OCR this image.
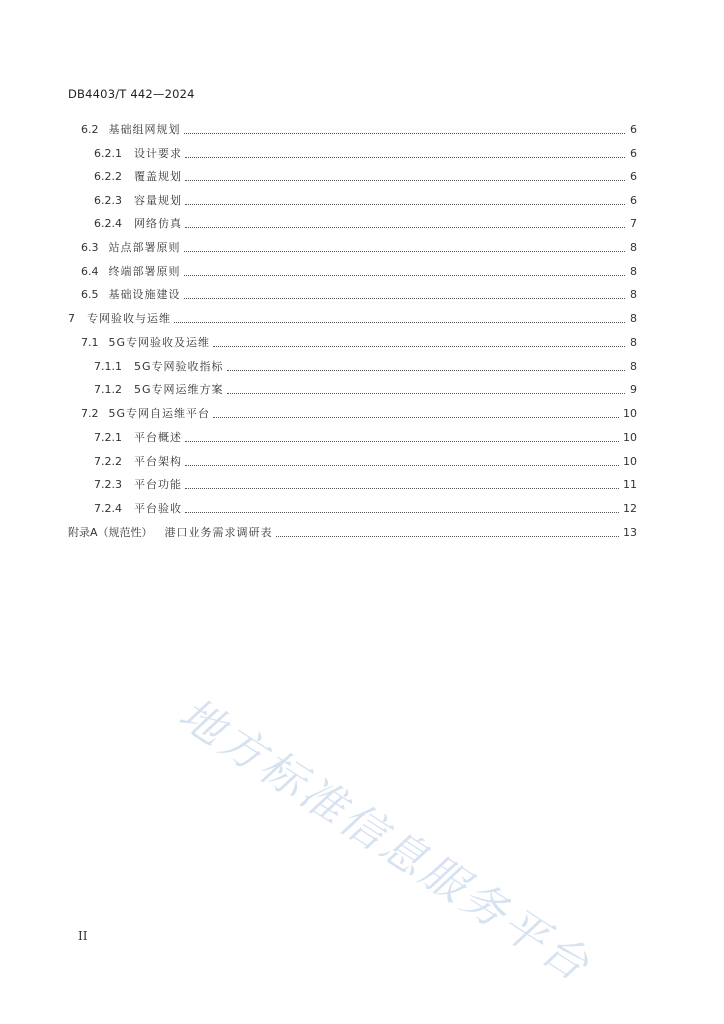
DB4403/T 442—2024
6.2 基础组网规划	6
6.2.1 设计要求	6
6.2.2 覆盖规划	6
6.2.3 容量规划	6
6.2.4 网络仿真	7
6.3 站点部署原则	8
6.4 终端部署原则	8
6.5 基础设施建设	8
7 专网验收与运维	8
7.1 5G专网验收及运维	8
7.1.1 5G专网验收指标	8
7.1.2 5G专网运维方案	9
7.2 5G专网自运维平台	10
7.2.1 平台概述	10
7.2.2 平台架构	10
7.2.3 平台功能	11
7.2.4 平台验收	12
附录A（规范性） 港口业务需求调研表	13
地方标准信息服务平台
II
